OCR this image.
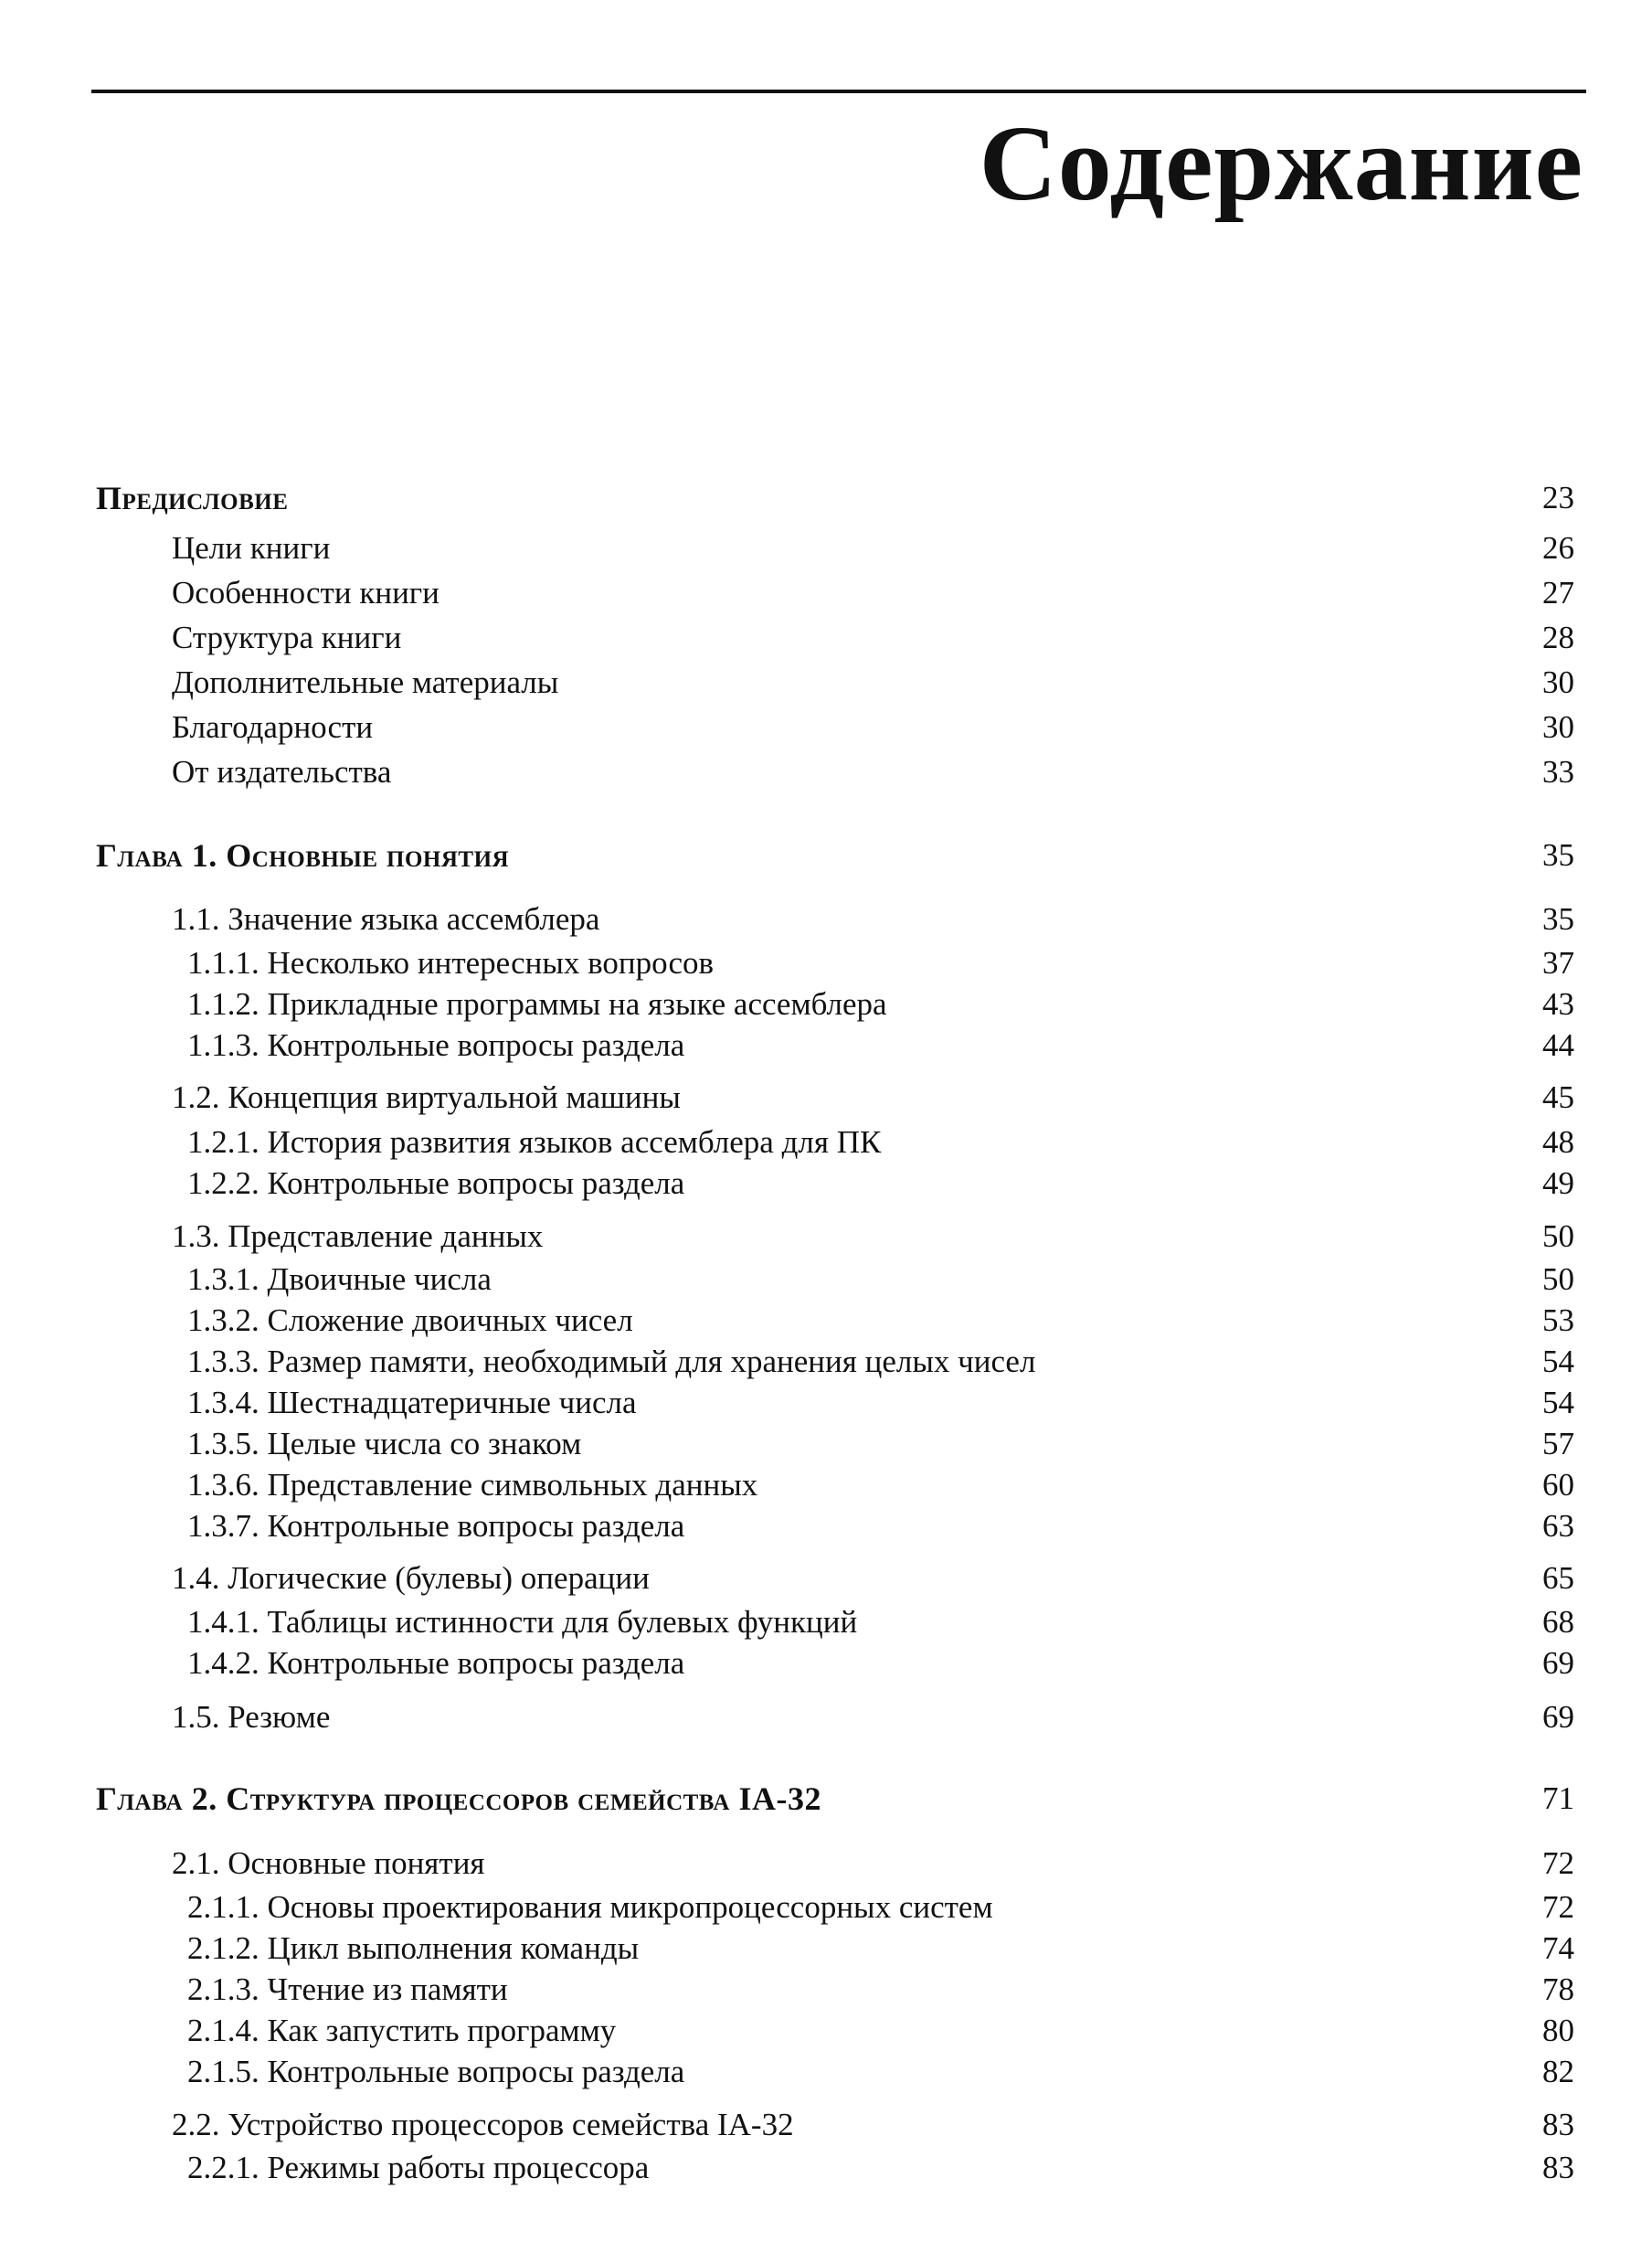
Содержание
Предисловие	23
Цели книги	26
Особенности книги	27
Структура книги	28
Дополнительные материалы	30
Благодарности	30
От издательства	33
Глава 1. Основные понятия	35
1.1. Значение языка ассемблера	35
1.1.1. Несколько интересных вопросов	37
1.1.2. Прикладные программы на языке ассемблера	43
1.1.3. Контрольные вопросы раздела	44
1.2. Концепция виртуальной машины	45
1.2.1. История развития языков ассемблера для ПК	48
1.2.2. Контрольные вопросы раздела	49
1.3. Представление данных	50
1.3.1. Двоичные числа	50
1.3.2. Сложение двоичных чисел	53
1.3.3. Размер памяти, необходимый для хранения целых чисел	54
1.3.4. Шестнадцатеричные числа	54
1.3.5. Целые числа со знаком	57
1.3.6. Представление символьных данных	60
1.3.7. Контрольные вопросы раздела	63
1.4. Логические (булевы) операции	65
1.4.1. Таблицы истинности для булевых функций	68
1.4.2. Контрольные вопросы раздела	69
1.5. Резюме	69
Глава 2. Структура процессоров семейства IA-32	71
2.1. Основные понятия	72
2.1.1. Основы проектирования микропроцессорных систем	72
2.1.2. Цикл выполнения команды	74
2.1.3. Чтение из памяти	78
2.1.4. Как запустить программу	80
2.1.5. Контрольные вопросы раздела	82
2.2. Устройство процессоров семейства IA-32	83
2.2.1. Режимы работы процессора	83
